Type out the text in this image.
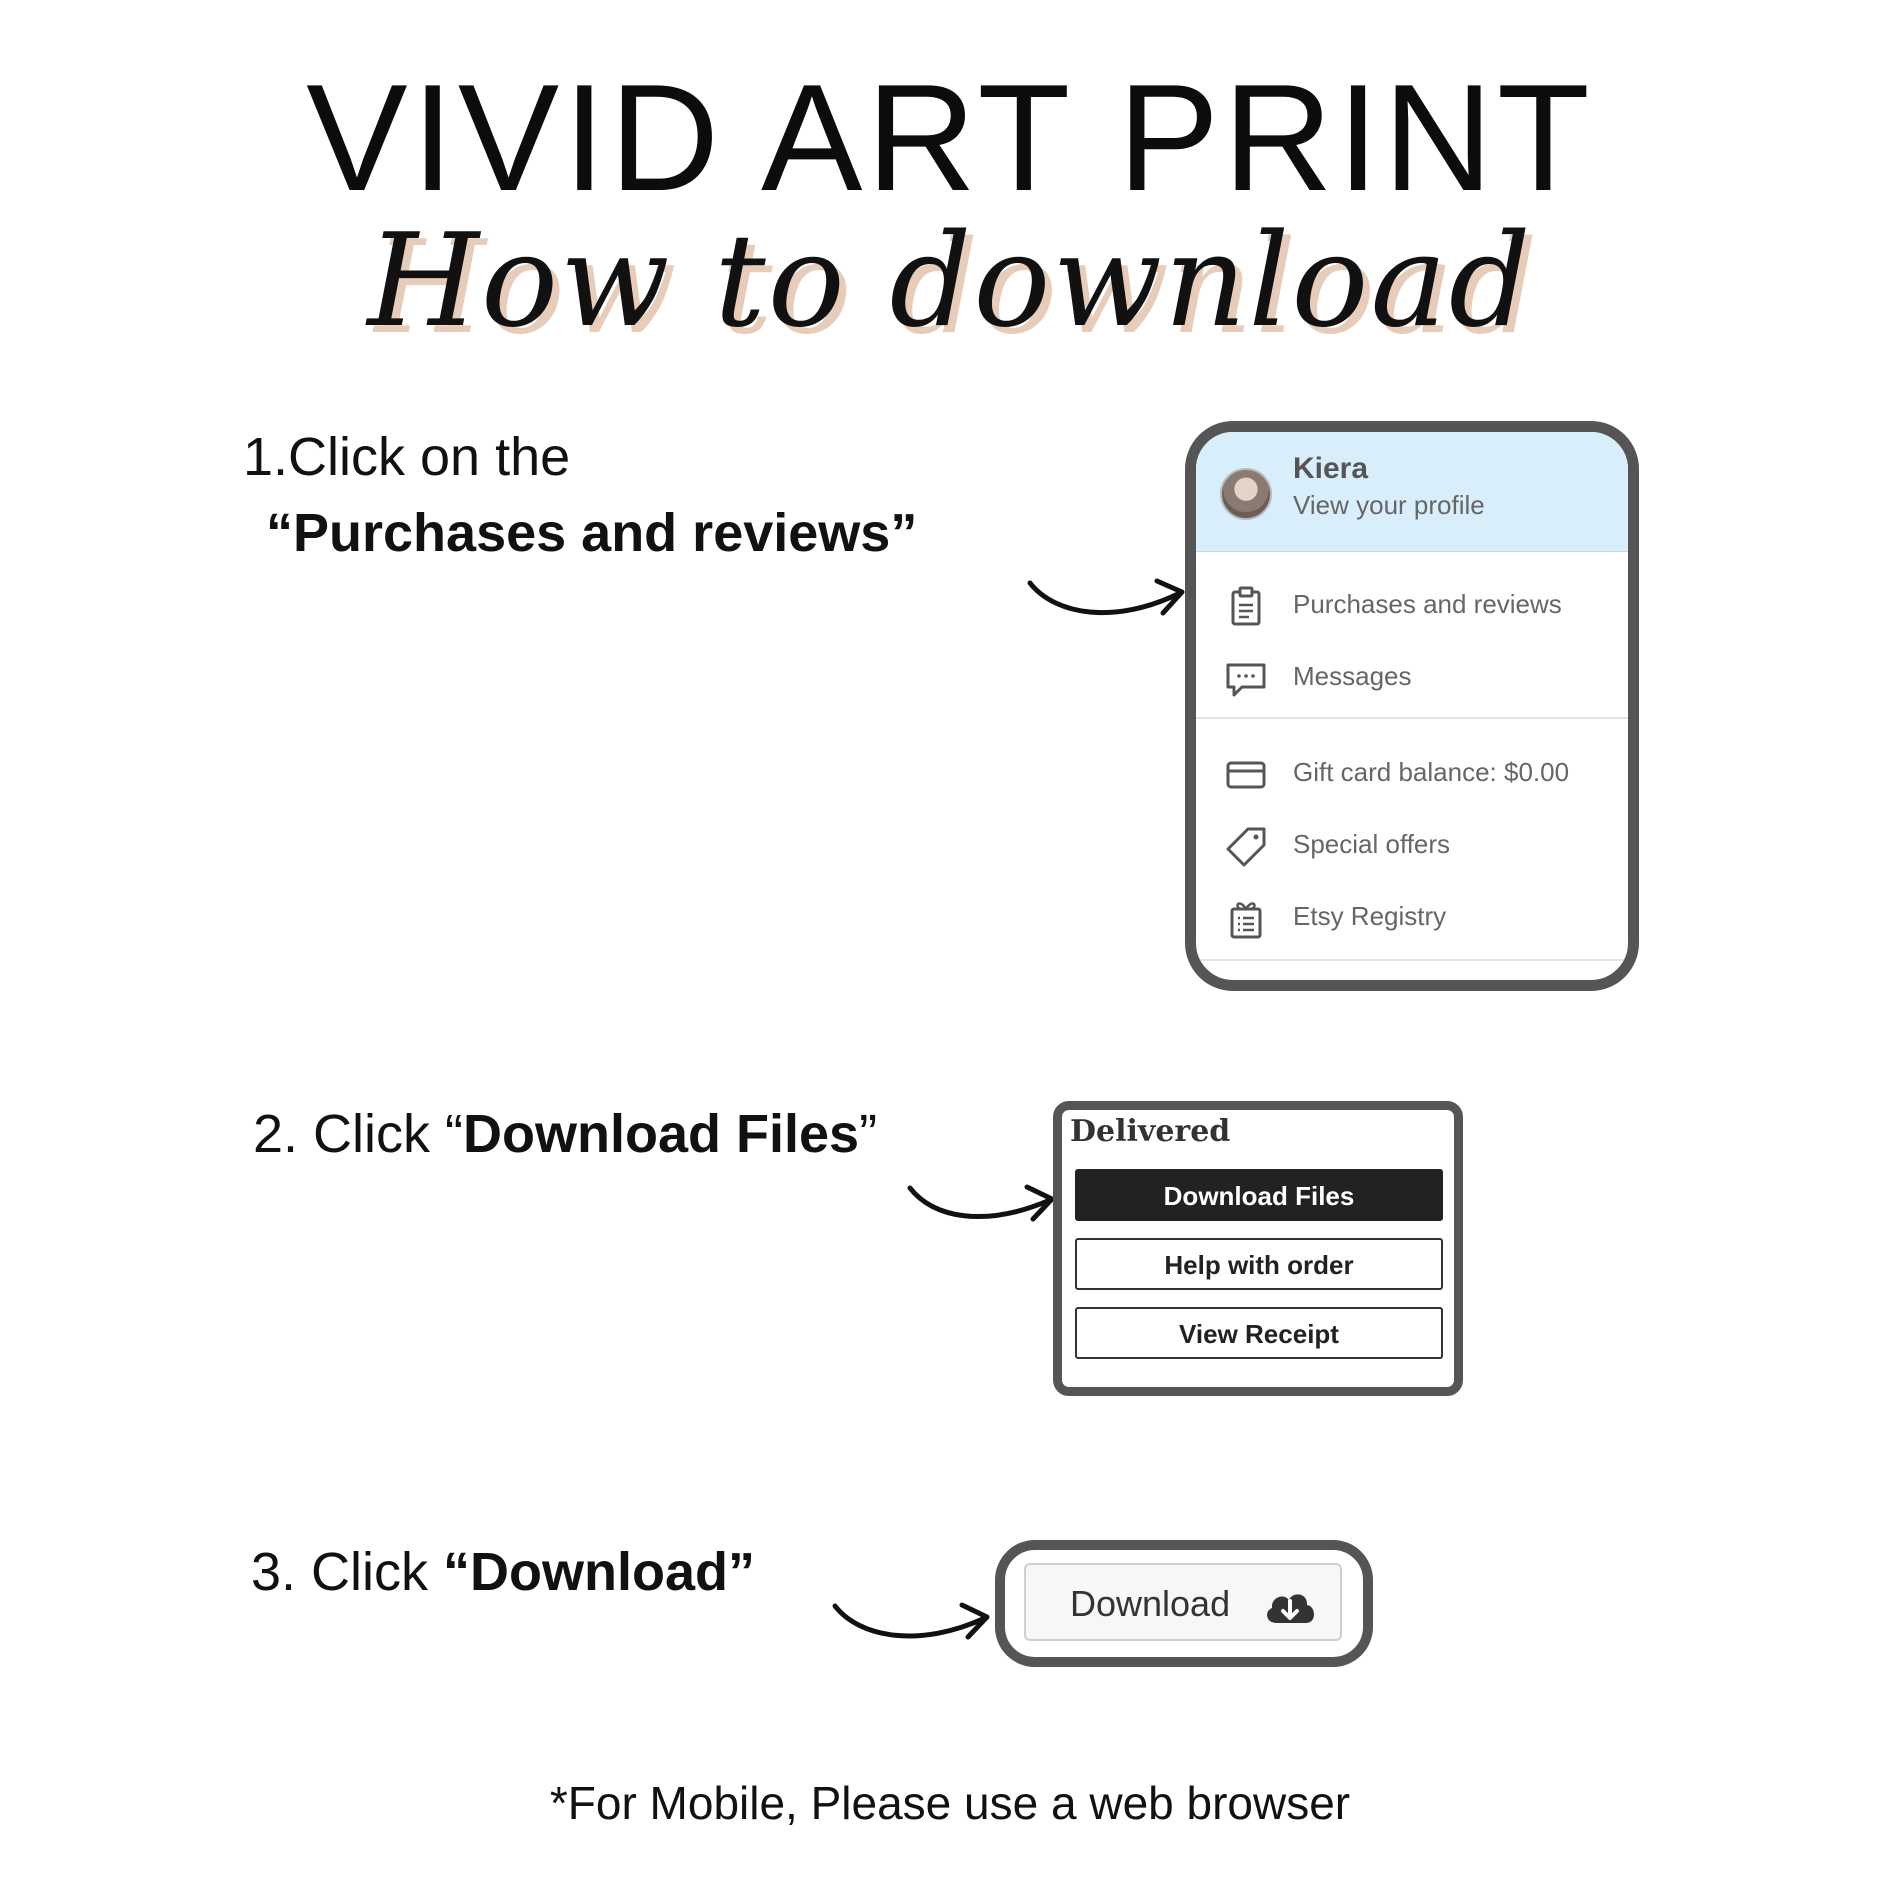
VIVID ART PRINT
How to download
1.Click on the
“Purchases and reviews”
Kiera
View your profile
Purchases and reviews
Messages
Gift card balance: $0.00
Special offers
Etsy Registry
2. Click “Download Files”	Delivered
Download Files
Help with order
View Receipt
3. Click “Download”
Download
*For Mobile, Please use a web browser
